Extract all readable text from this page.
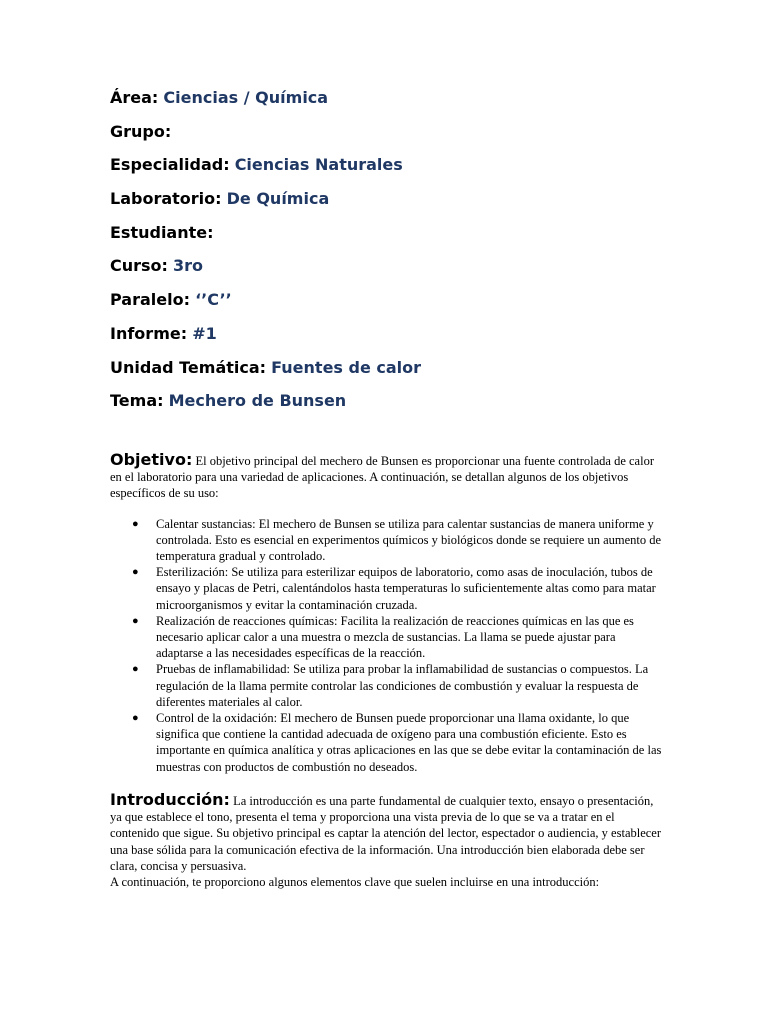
Área: Ciencias / Química
Grupo:
Especialidad: Ciencias Naturales
Laboratorio: De Química
Estudiante:
Curso: 3ro
Paralelo: ‘’C’’
Informe: #1
Unidad Temática: Fuentes de calor
Tema: Mechero de Bunsen
Objetivo: El objetivo principal del mechero de Bunsen es proporcionar una fuente controlada de calor en el laboratorio para una variedad de aplicaciones. A continuación, se detallan algunos de los objetivos específicos de su uso:
● Calentar sustancias: El mechero de Bunsen se utiliza para calentar sustancias de manera uniforme y controlada. Esto es esencial en experimentos químicos y biológicos donde se requiere un aumento de temperatura gradual y controlado.
● Esterilización: Se utiliza para esterilizar equipos de laboratorio, como asas de inoculación, tubos de ensayo y placas de Petri, calentándolos hasta temperaturas lo suficientemente altas como para matar microorganismos y evitar la contaminación cruzada.
● Realización de reacciones químicas: Facilita la realización de reacciones químicas en las que es necesario aplicar calor a una muestra o mezcla de sustancias. La llama se puede ajustar para adaptarse a las necesidades específicas de la reacción.
● Pruebas de inflamabilidad: Se utiliza para probar la inflamabilidad de sustancias o compuestos. La regulación de la llama permite controlar las condiciones de combustión y evaluar la respuesta de diferentes materiales al calor.
● Control de la oxidación: El mechero de Bunsen puede proporcionar una llama oxidante, lo que significa que contiene la cantidad adecuada de oxígeno para una combustión eficiente. Esto es importante en química analítica y otras aplicaciones en las que se debe evitar la contaminación de las muestras con productos de combustión no deseados.
Introducción: La introducción es una parte fundamental de cualquier texto, ensayo o presentación, ya que establece el tono, presenta el tema y proporciona una vista previa de lo que se va a tratar en el contenido que sigue. Su objetivo principal es captar la atención del lector, espectador o audiencia, y establecer una base sólida para la comunicación efectiva de la información. Una introducción bien elaborada debe ser clara, concisa y persuasiva.
A continuación, te proporciono algunos elementos clave que suelen incluirse en una introducción:
